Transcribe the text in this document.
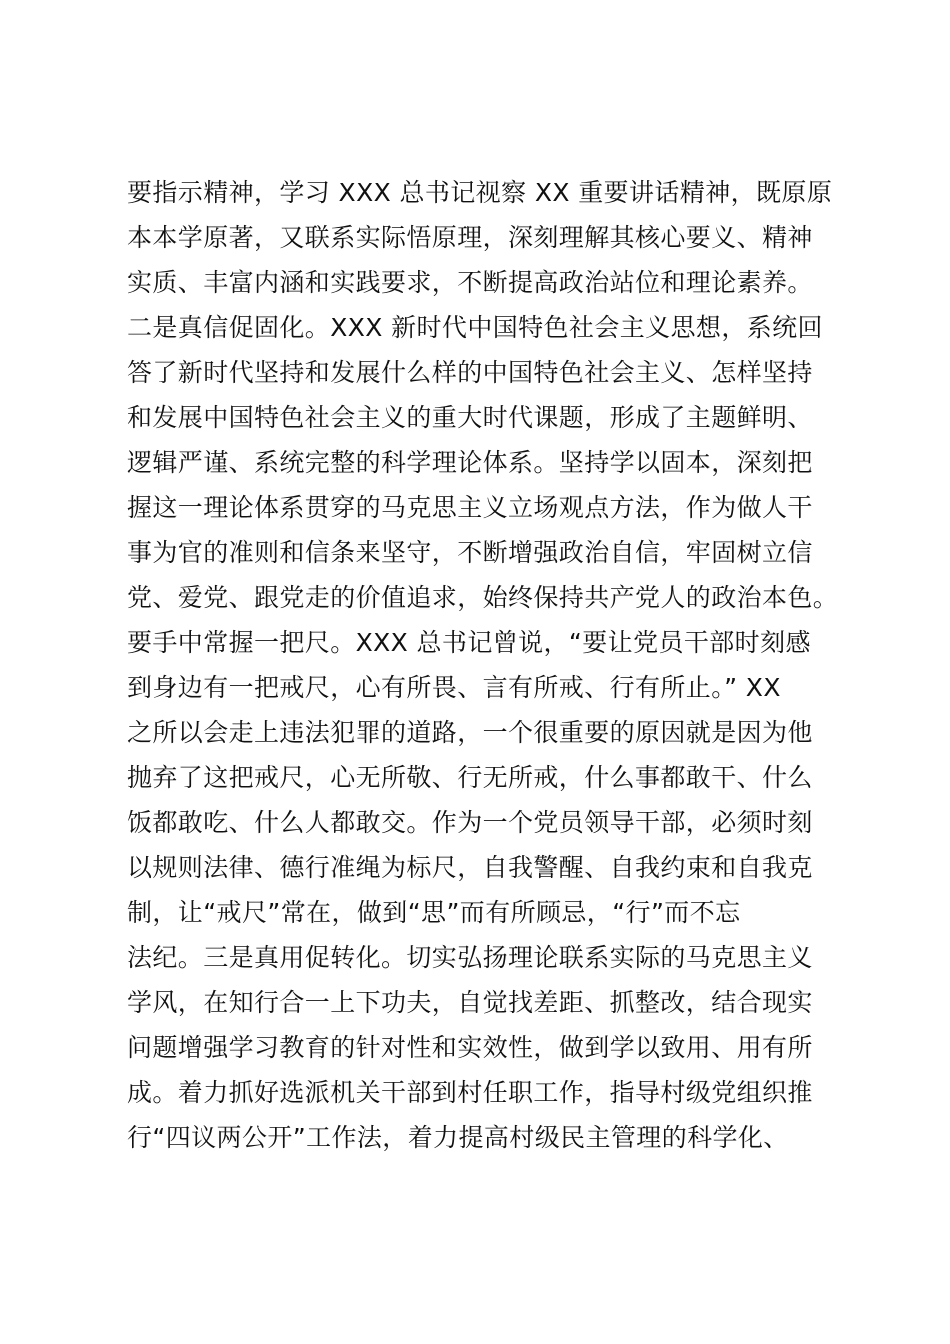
要指示精神，学习 XXX 总书记视察 XX 重要讲话精神，既原原
本本学原著，又联系实际悟原理，深刻理解其核心要义、精神
实质、丰富内涵和实践要求，不断提高政治站位和理论素养。
二是真信促固化。XXX 新时代中国特色社会主义思想，系统回
答了新时代坚持和发展什么样的中国特色社会主义、怎样坚持
和发展中国特色社会主义的重大时代课题，形成了主题鲜明、
逻辑严谨、系统完整的科学理论体系。坚持学以固本，深刻把
握这一理论体系贯穿的马克思主义立场观点方法，作为做人干
事为官的准则和信条来坚守，不断增强政治自信，牢固树立信
党、爱党、跟党走的价值追求，始终保持共产党人的政治本色。
要手中常握一把尺。XXX 总书记曾说，“要让党员干部时刻感
到身边有一把戒尺，心有所畏、言有所戒、行有所止。” XX
之所以会走上违法犯罪的道路，一个很重要的原因就是因为他
抛弃了这把戒尺，心无所敬、行无所戒，什么事都敢干、什么
饭都敢吃、什么人都敢交。作为一个党员领导干部，必须时刻
以规则法律、德行准绳为标尺，自我警醒、自我约束和自我克
制，让“戒尺”常在，做到“思”而有所顾忌，“行”而不忘
法纪。三是真用促转化。切实弘扬理论联系实际的马克思主义
学风，在知行合一上下功夫，自觉找差距、抓整改，结合现实
问题增强学习教育的针对性和实效性，做到学以致用、用有所
成。着力抓好选派机关干部到村任职工作，指导村级党组织推
行“四议两公开”工作法，着力提高村级民主管理的科学化、
